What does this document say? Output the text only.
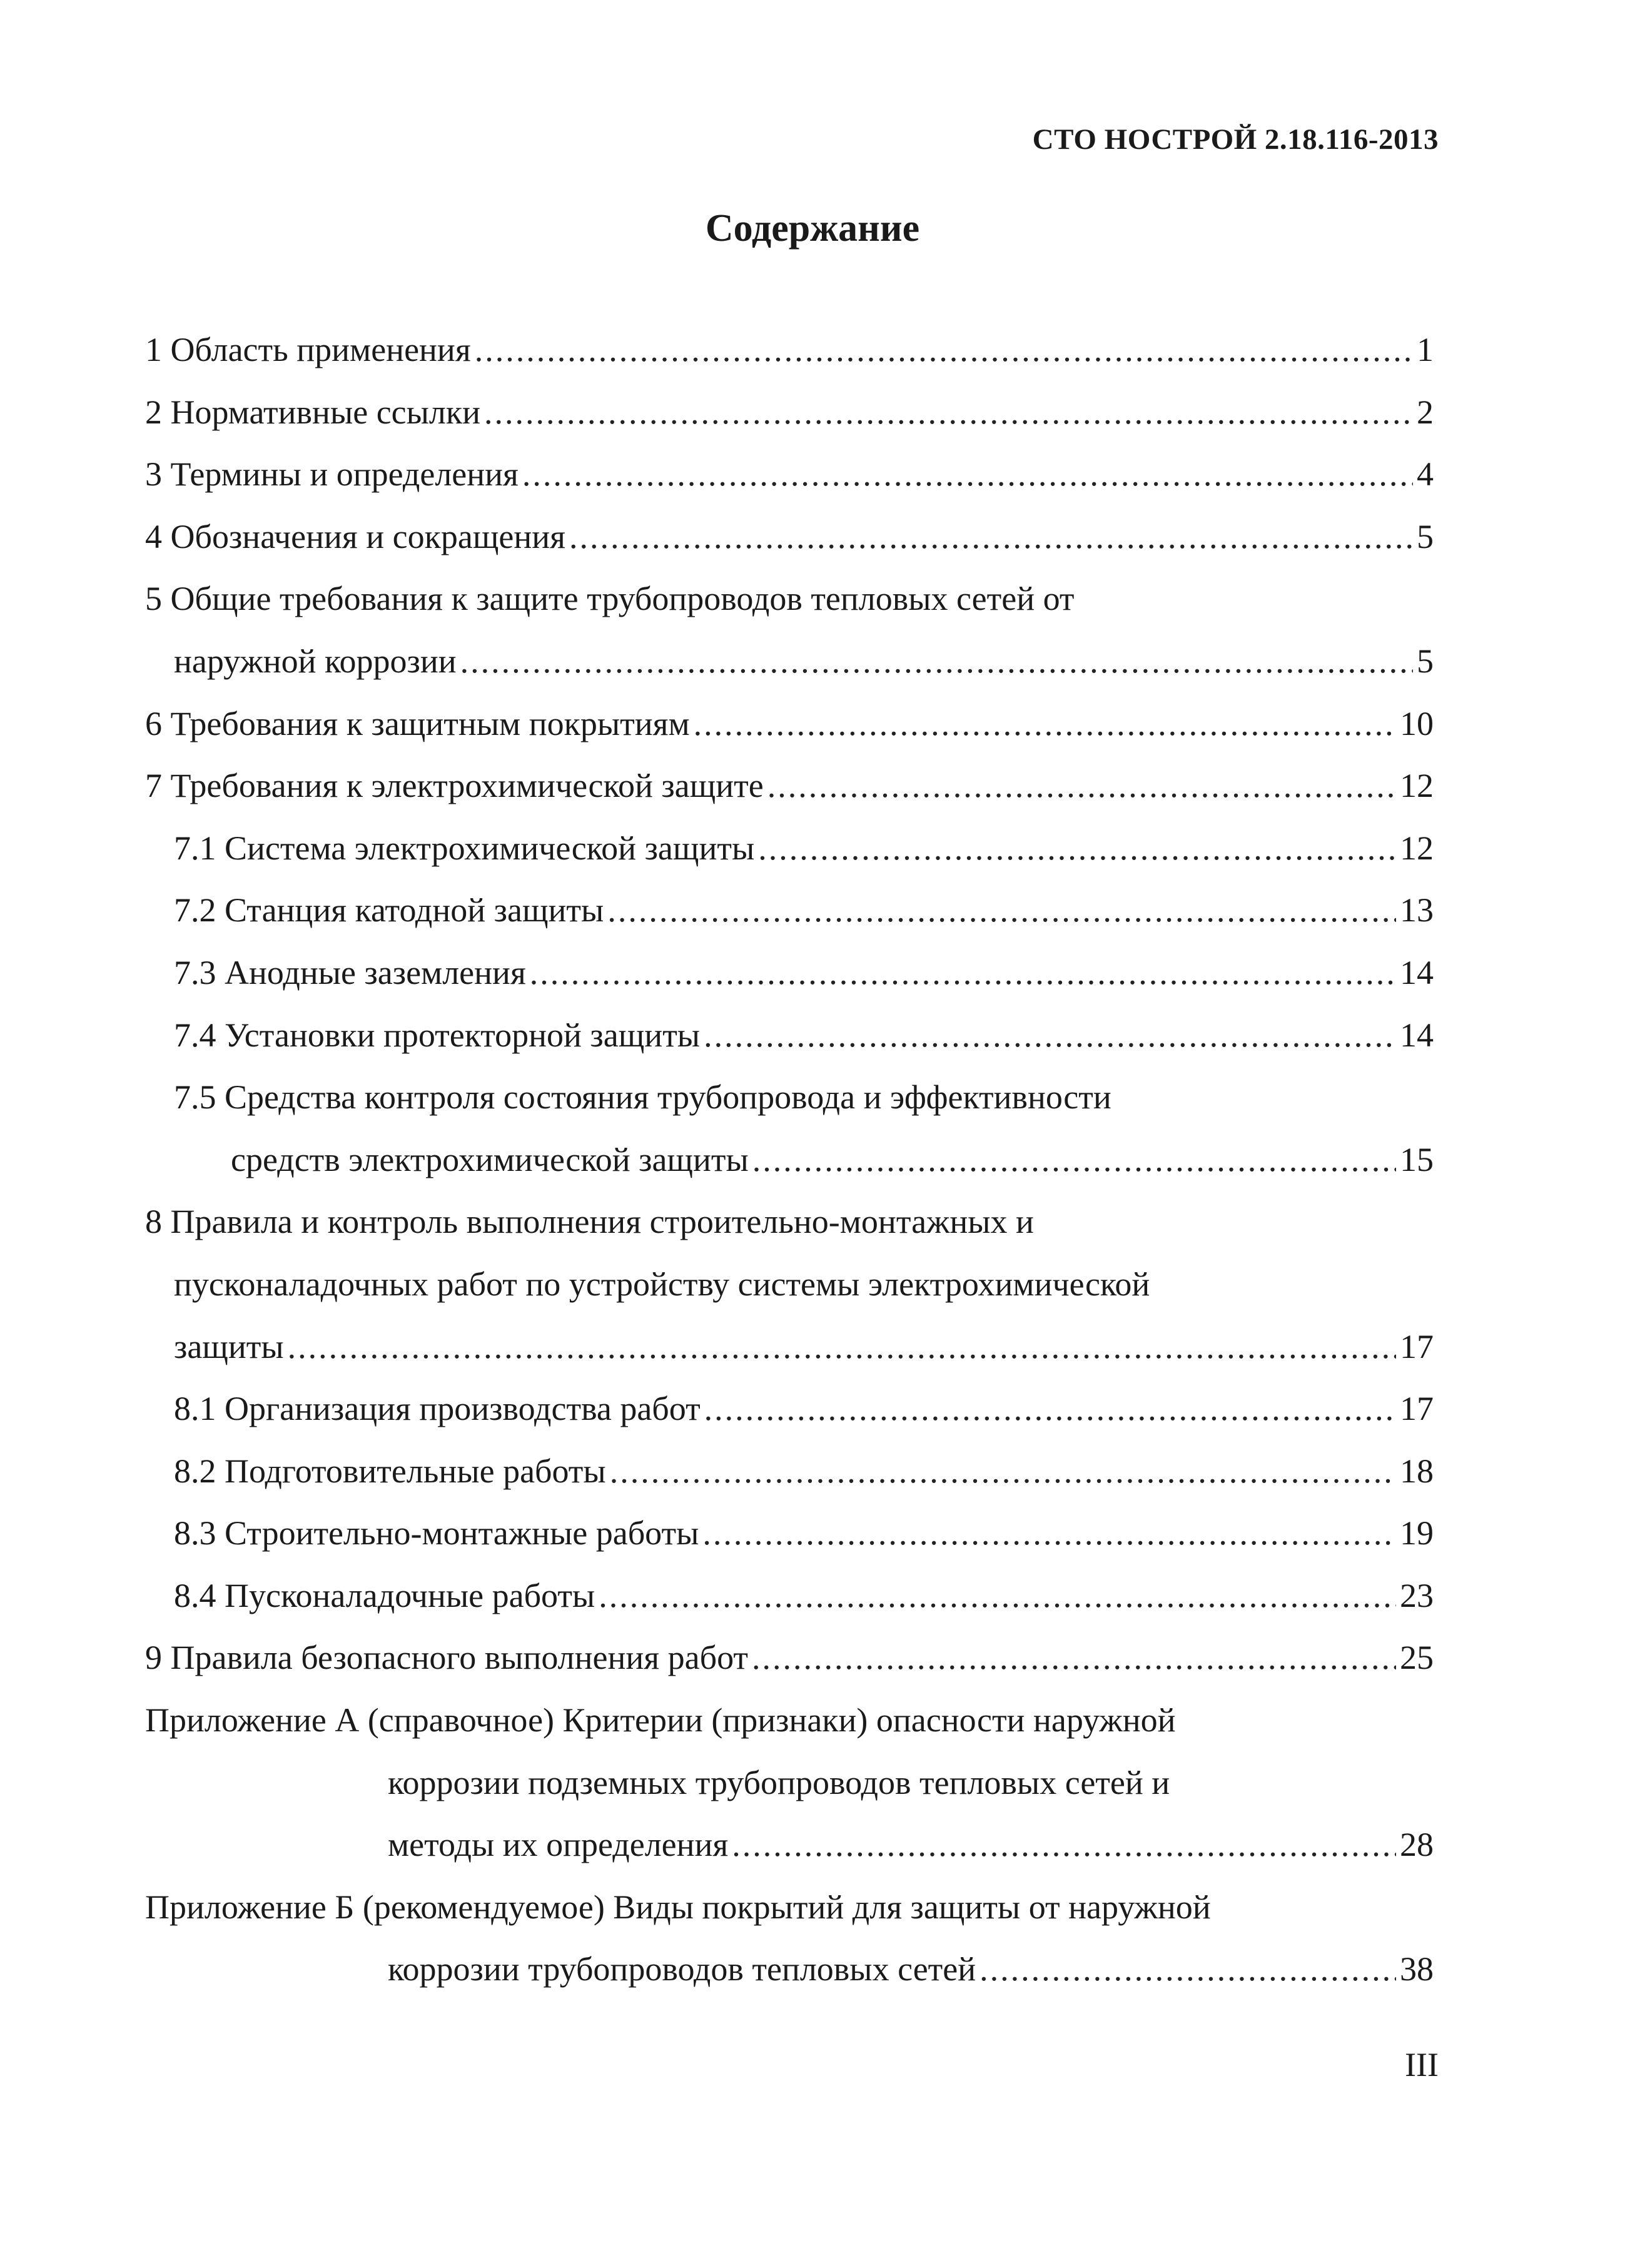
СТО НОСТРОЙ 2.18.116-2013
Содержание
1 Область применения .....	1
2 Нормативные ссылки .....	2
3 Термины и определения .....	4
4 Обозначения и сокращения .....	5
5 Общие требования к защите трубопроводов тепловых сетей от
наружной коррозии .....	5
6 Требования к защитным покрытиям .....	10
7 Требования к электрохимической защите .....	12
7.1 Система электрохимической защиты .....	12
7.2 Станция катодной защиты .....	13
7.3 Анодные заземления .....	14
7.4 Установки протекторной защиты .....	14
7.5 Средства контроля состояния трубопровода и эффективности
средств электрохимической защиты .....	15
8 Правила и контроль выполнения строительно-монтажных и
пусконаладочных работ по устройству системы электрохимической
защиты .....	17
8.1 Организация производства работ .....	17
8.2 Подготовительные работы .....	18
8.3 Строительно-монтажные работы .....	19
8.4 Пусконаладочные работы .....	23
9 Правила безопасного выполнения работ .....	25
Приложение А (справочное) Критерии (признаки) опасности наружной
коррозии подземных трубопроводов тепловых сетей и
методы их определения .....	28
Приложение Б (рекомендуемое) Виды покрытий для защиты от наружной
коррозии трубопроводов тепловых сетей .....	38
III
